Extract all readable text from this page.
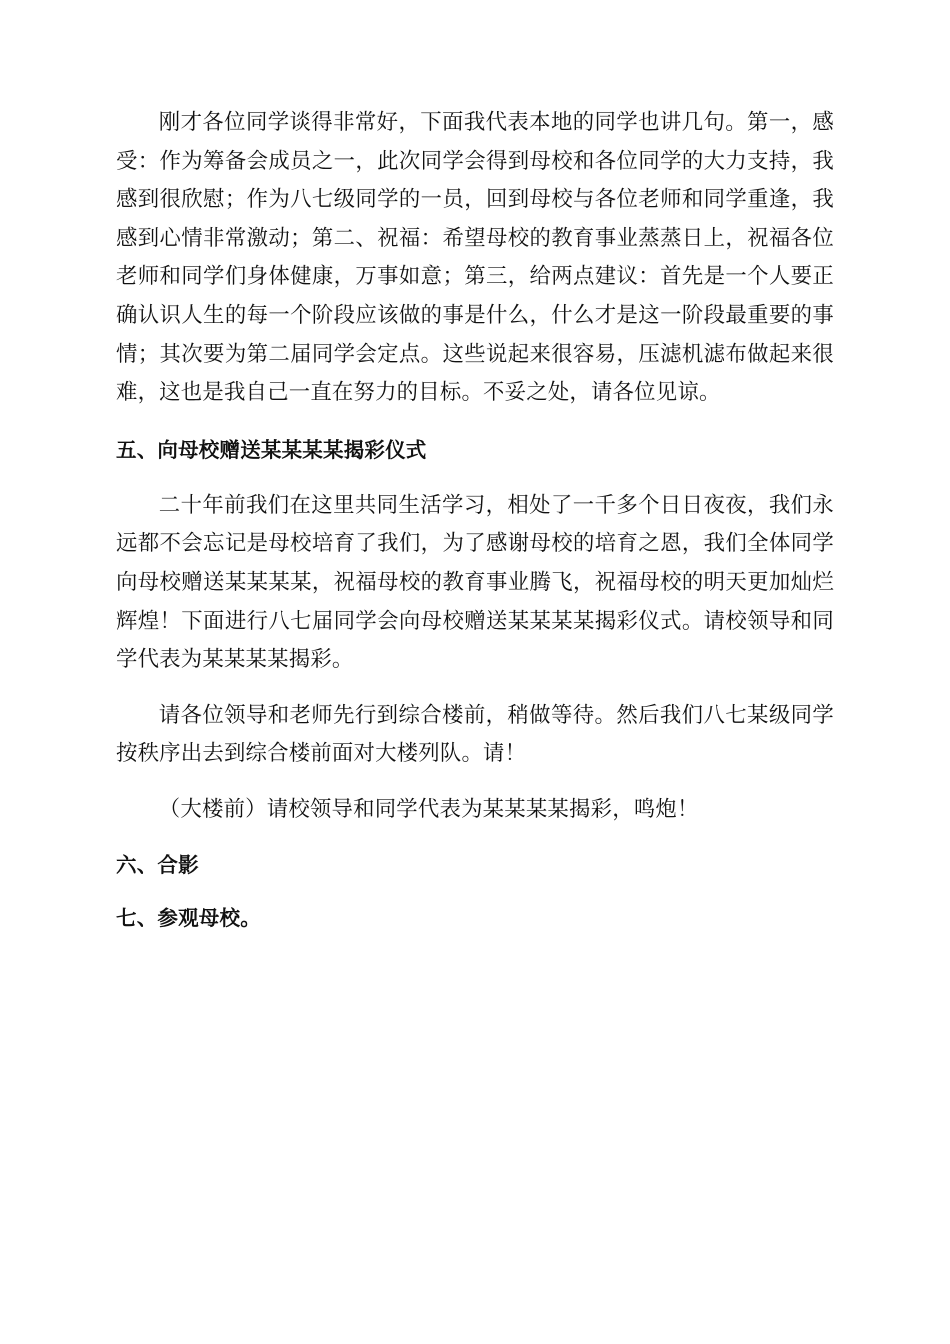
刚才各位同学谈得非常好，下面我代表本地的同学也讲几句。第一，感受：作为筹备会成员之一，此次同学会得到母校和各位同学的大力支持，我感到很欣慰；作为八七级同学的一员，回到母校与各位老师和同学重逢，我感到心情非常激动；第二、祝福：希望母校的教育事业蒸蒸日上，祝福各位老师和同学们身体健康，万事如意；第三，给两点建议：首先是一个人要正确认识人生的每一个阶段应该做的事是什么，什么才是这一阶段最重要的事情；其次要为第二届同学会定点。这些说起来很容易，压滤机滤布做起来很难，这也是我自己一直在努力的目标。不妥之处，请各位见谅。

五、向母校赠送某某某某揭彩仪式

二十年前我们在这里共同生活学习，相处了一千多个日日夜夜，我们永远都不会忘记是母校培育了我们，为了感谢母校的培育之恩，我们全体同学向母校赠送某某某某，祝福母校的教育事业腾飞，祝福母校的明天更加灿烂辉煌！下面进行八七届同学会向母校赠送某某某某揭彩仪式。请校领导和同学代表为某某某某揭彩。

请各位领导和老师先行到综合楼前，稍做等待。然后我们八七某级同学按秩序出去到综合楼前面对大楼列队。请！

（大楼前）请校领导和同学代表为某某某某揭彩，鸣炮！

六、合影

七、参观母校。
